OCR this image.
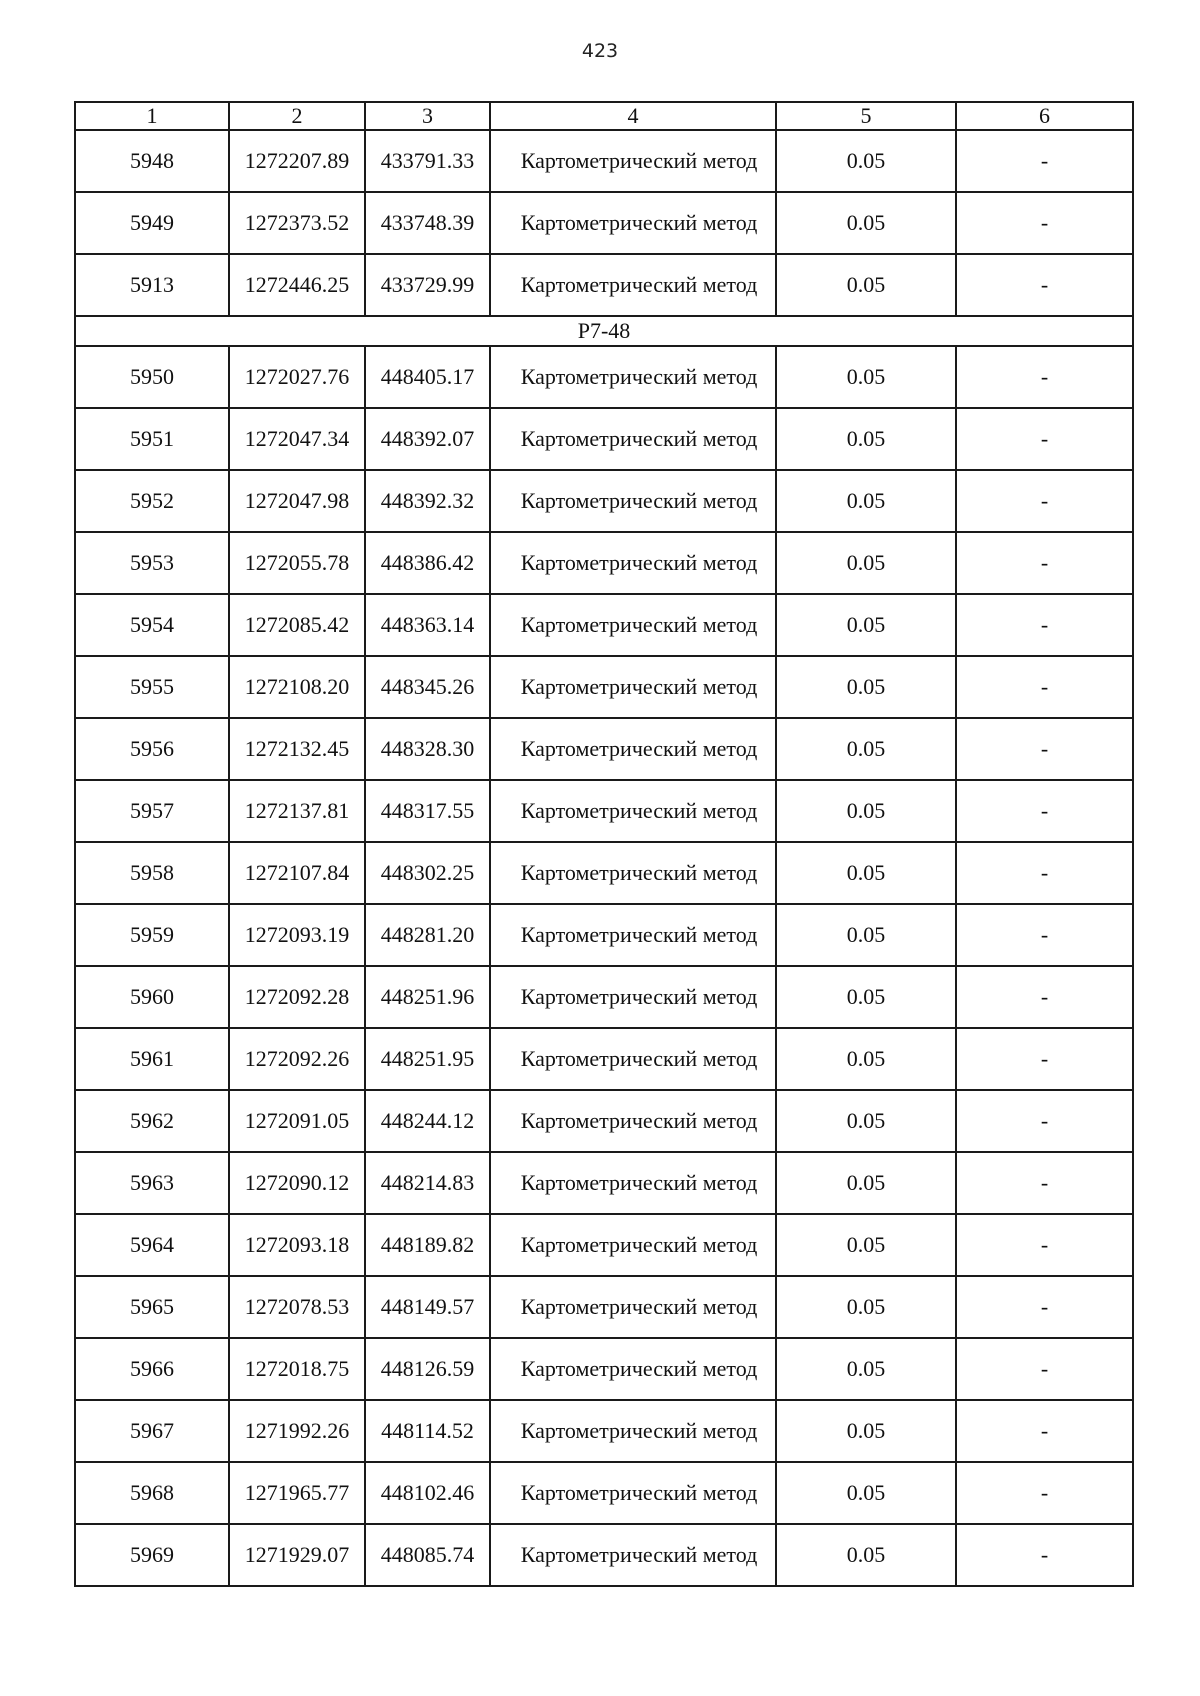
423
1	2	3	4	5	6
5948	1272207.89	433791.33	Картометрический метод	0.05	-
5949	1272373.52	433748.39	Картометрический метод	0.05	-
5913	1272446.25	433729.99	Картометрический метод	0.05	-
Р7-48					
5950	1272027.76	448405.17	Картометрический метод	0.05	-
5951	1272047.34	448392.07	Картометрический метод	0.05	-
5952	1272047.98	448392.32	Картометрический метод	0.05	-
5953	1272055.78	448386.42	Картометрический метод	0.05	-
5954	1272085.42	448363.14	Картометрический метод	0.05	-
5955	1272108.20	448345.26	Картометрический метод	0.05	-
5956	1272132.45	448328.30	Картометрический метод	0.05	-
5957	1272137.81	448317.55	Картометрический метод	0.05	-
5958	1272107.84	448302.25	Картометрический метод	0.05	-
5959	1272093.19	448281.20	Картометрический метод	0.05	-
5960	1272092.28	448251.96	Картометрический метод	0.05	-
5961	1272092.26	448251.95	Картометрический метод	0.05	-
5962	1272091.05	448244.12	Картометрический метод	0.05	-
5963	1272090.12	448214.83	Картометрический метод	0.05	-
5964	1272093.18	448189.82	Картометрический метод	0.05	-
5965	1272078.53	448149.57	Картометрический метод	0.05	-
5966	1272018.75	448126.59	Картометрический метод	0.05	-
5967	1271992.26	448114.52	Картометрический метод	0.05	-
5968	1271965.77	448102.46	Картометрический метод	0.05	-
5969	1271929.07	448085.74	Картометрический метод	0.05	-
